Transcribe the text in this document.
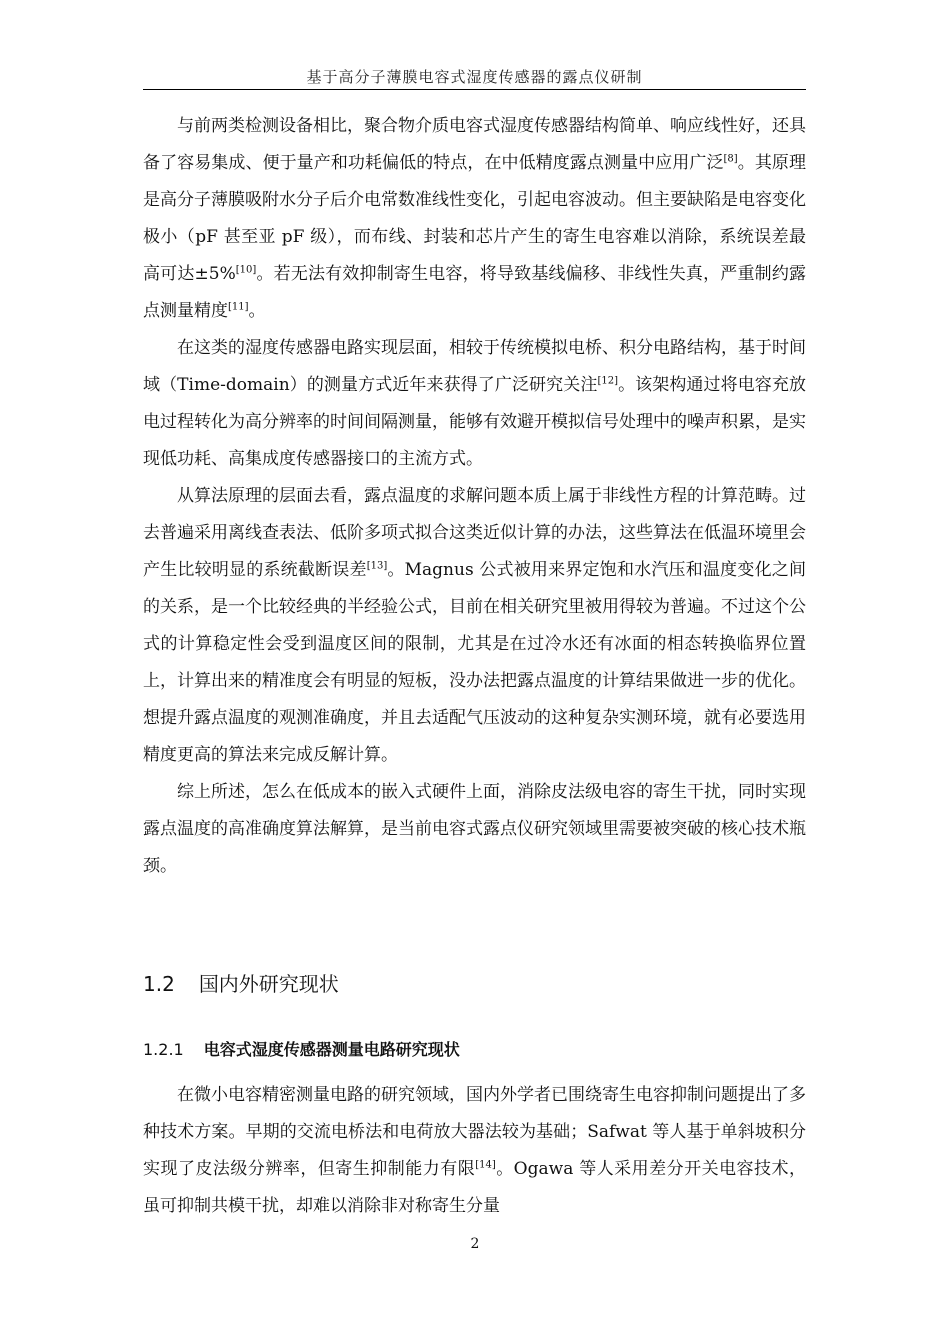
基于高分子薄膜电容式湿度传感器的露点仪研制

与前两类检测设备相比，聚合物介质电容式湿度传感器结构简单、响应线性好，还具备了容易集成、便于量产和功耗偏低的特点，在中低精度露点测量中应用广泛[8]。其原理是高分子薄膜吸附水分子后介电常数准线性变化，引起电容波动。但主要缺陷是电容变化极小（pF 甚至亚 pF 级），而布线、封装和芯片产生的寄生电容难以消除，系统误差最高可达±5%[10]。若无法有效抑制寄生电容，将导致基线偏移、非线性失真，严重制约露点测量精度[11]。

在这类的湿度传感器电路实现层面，相较于传统模拟电桥、积分电路结构，基于时间域（Time-domain）的测量方式近年来获得了广泛研究关注[12]。该架构通过将电容充放电过程转化为高分辨率的时间间隔测量，能够有效避开模拟信号处理中的噪声积累，是实现低功耗、高集成度传感器接口的主流方式。

从算法原理的层面去看，露点温度的求解问题本质上属于非线性方程的计算范畴。过去普遍采用离线查表法、低阶多项式拟合这类近似计算的办法，这些算法在低温环境里会产生比较明显的系统截断误差[13]。Magnus 公式被用来界定饱和水汽压和温度变化之间的关系，是一个比较经典的半经验公式，目前在相关研究里被用得较为普遍。不过这个公式的计算稳定性会受到温度区间的限制，尤其是在过冷水还有冰面的相态转换临界位置上，计算出来的精准度会有明显的短板，没办法把露点温度的计算结果做进一步的优化。想提升露点温度的观测准确度，并且去适配气压波动的这种复杂实测环境，就有必要选用精度更高的算法来完成反解计算。

综上所述，怎么在低成本的嵌入式硬件上面，消除皮法级电容的寄生干扰，同时实现露点温度的高准确度算法解算，是当前电容式露点仪研究领域里需要被突破的核心技术瓶颈。

1.2 国内外研究现状
1.2.1 电容式湿度传感器测量电路研究现状

在微小电容精密测量电路的研究领域，国内外学者已围绕寄生电容抑制问题提出了多种技术方案。早期的交流电桥法和电荷放大器法较为基础；Safwat 等人基于单斜坡积分实现了皮法级分辨率，但寄生抑制能力有限[14]。Ogawa 等人采用差分开关电容技术，虽可抑制共模干扰，却难以消除非对称寄生分量

2
